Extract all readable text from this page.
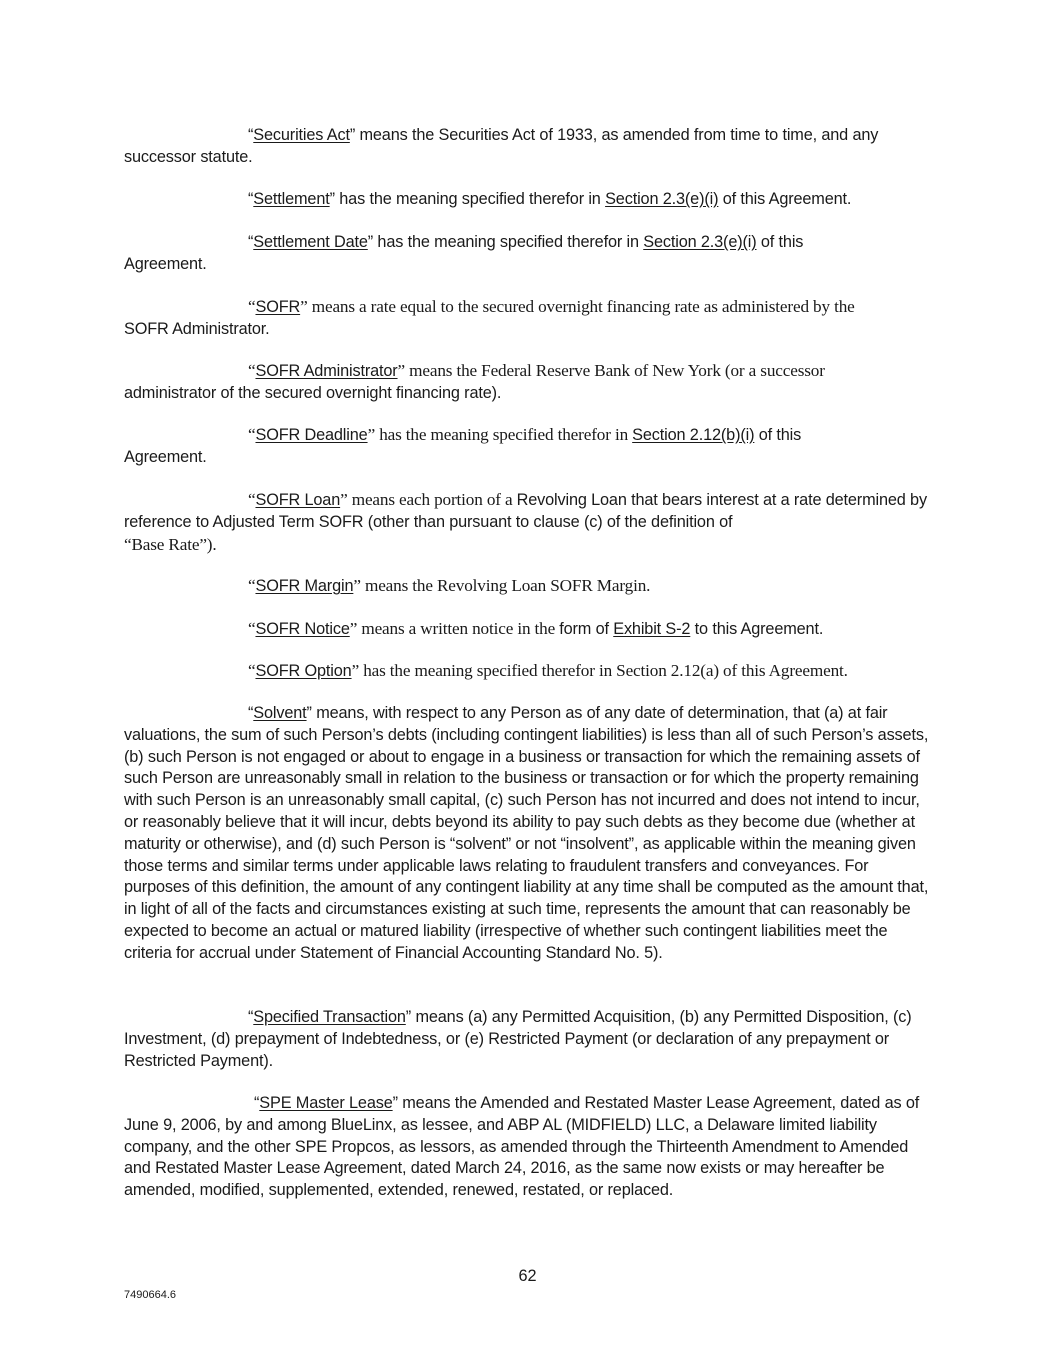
“Securities Act” means the Securities Act of 1933, as amended from time to time, and any successor statute.

“Settlement” has the meaning specified therefor in Section 2.3(e)(i) of this Agreement.

“Settlement Date” has the meaning specified therefor in Section 2.3(e)(i) of this
Agreement.

“SOFR” means a rate equal to the secured overnight financing rate as administered by the
SOFR Administrator.

“SOFR Administrator” means the Federal Reserve Bank of New York (or a successor
administrator of the secured overnight financing rate).

“SOFR Deadline” has the meaning specified therefor in Section 2.12(b)(i) of this
Agreement.

“SOFR Loan” means each portion of a Revolving Loan that bears interest at a rate determined by reference to Adjusted Term SOFR (other than pursuant to clause (c) of the definition of
“Base Rate”).

“SOFR Margin” means the Revolving Loan SOFR Margin.

“SOFR Notice” means a written notice in the form of Exhibit S-2 to this Agreement.

“SOFR Option” has the meaning specified therefor in Section 2.12(a) of this Agreement.

“Solvent” means, with respect to any Person as of any date of determination, that (a) at fair valuations, the sum of such Person’s debts (including contingent liabilities) is less than all of such Person’s assets, (b) such Person is not engaged or about to engage in a business or transaction for which the remaining assets of such Person are unreasonably small in relation to the business or transaction or for which the property remaining with such Person is an unreasonably small capital, (c) such Person has not incurred and does not intend to incur, or reasonably believe that it will incur, debts beyond its ability to pay such debts as they become due (whether at maturity or otherwise), and (d) such Person is “solvent” or not “insolvent”, as applicable within the meaning given those terms and similar terms under applicable laws relating to fraudulent transfers and conveyances. For purposes of this definition, the amount of any contingent liability at any time shall be computed as the amount that, in light of all of the facts and circumstances existing at such time, represents the amount that can reasonably be expected to become an actual or matured liability (irrespective of whether such contingent liabilities meet the criteria for accrual under Statement of Financial Accounting Standard No. 5).

“Specified Transaction” means (a) any Permitted Acquisition, (b) any Permitted Disposition, (c) Investment, (d) prepayment of Indebtedness, or (e) Restricted Payment (or declaration of any prepayment or Restricted Payment).

“SPE Master Lease” means the Amended and Restated Master Lease Agreement, dated as of June 9, 2006, by and among BlueLinx, as lessee, and ABP AL (MIDFIELD) LLC, a Delaware limited liability company, and the other SPE Propcos, as lessors, as amended through the Thirteenth Amendment to Amended and Restated Master Lease Agreement, dated March 24, 2016, as the same now exists or may hereafter be amended, modified, supplemented, extended, renewed, restated, or replaced.

62
7490664.6
